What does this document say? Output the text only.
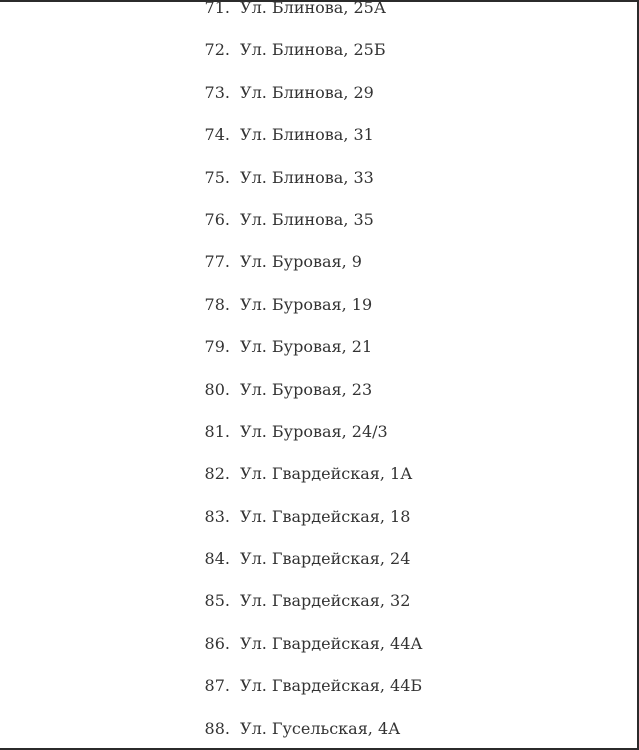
71. Ул. Блинова, 25А
72. Ул. Блинова, 25Б
73. Ул. Блинова, 29
74. Ул. Блинова, 31
75. Ул. Блинова, 33
76. Ул. Блинова, 35
77. Ул. Буровая, 9
78. Ул. Буровая, 19
79. Ул. Буровая, 21
80. Ул. Буровая, 23
81. Ул. Буровая, 24/3
82. Ул. Гвардейская, 1А
83. Ул. Гвардейская, 18
84. Ул. Гвардейская, 24
85. Ул. Гвардейская, 32
86. Ул. Гвардейская, 44А
87. Ул. Гвардейская, 44Б
88. Ул. Гусельская, 4А
